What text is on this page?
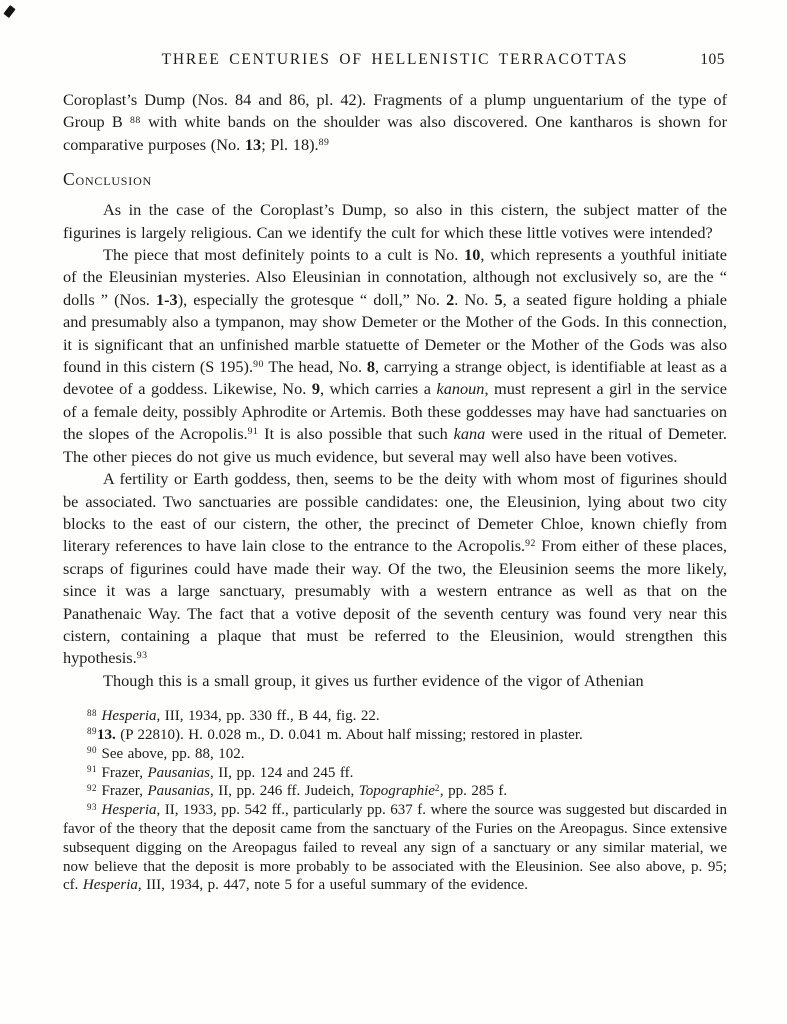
THREE CENTURIES OF HELLENISTIC TERRACOTTAS	105

Coroplast’s Dump (Nos. 84 and 86, pl. 42). Fragments of a plump unguentarium of the type of Group B $^{88}$ with white bands on the shoulder was also discovered. One kantharos is shown for comparative purposes (No. 13; Pl. 18).$^{89}$

Conclusion

As in the case of the Coroplast’s Dump, so also in this cistern, the subject matter of the figurines is largely religious. Can we identify the cult for which these little votives were intended?

The piece that most definitely points to a cult is No. 10, which represents a youthful initiate of the Eleusinian mysteries. Also Eleusinian in connotation, although not exclusively so, are the “ dolls ” (Nos. 1-3), especially the grotesque “ doll,” No. 2. No. 5, a seated figure holding a phiale and presumably also a tympanon, may show Demeter or the Mother of the Gods. In this connection, it is significant that an unfinished marble statuette of Demeter or the Mother of the Gods was also found in this cistern (S 195).$^{90}$ The head, No. 8, carrying a strange object, is identifiable at least as a devotee of a goddess. Likewise, No. 9, which carries a kanoun, must represent a girl in the service of a female deity, possibly Aphrodite or Artemis. Both these goddesses may have had sanctuaries on the slopes of the Acropolis.$^{91}$ It is also possible that such kana were used in the ritual of Demeter. The other pieces do not give us much evidence, but several may well also have been votives.

A fertility or Earth goddess, then, seems to be the deity with whom most of figurines should be associated. Two sanctuaries are possible candidates: one, the Eleusinion, lying about two city blocks to the east of our cistern, the other, the precinct of Demeter Chloe, known chiefly from literary references to have lain close to the entrance to the Acropolis.$^{92}$ From either of these places, scraps of figurines could have made their way. Of the two, the Eleusinion seems the more likely, since it was a large sanctuary, presumably with a western entrance as well as that on the Panathenaic Way. The fact that a votive deposit of the seventh century was found very near this cistern, containing a plaque that must be referred to the Eleusinion, would strengthen this hypothesis.$^{93}$

Though this is a small group, it gives us further evidence of the vigor of Athenian

$^{88}$ Hesperia, III, 1934, pp. 330 ff., B 44, fig. 22.

$^{89}$13. (P 22810). H. 0.028 m., D. 0.041 m. About half missing; restored in plaster.

$^{90}$ See above, pp. 88, 102.

$^{91}$ Frazer, Pausanias, II, pp. 124 and 245 ff.

$^{92}$ Frazer, Pausanias, II, pp. 246 ff. Judeich, Topographie$^2$, pp. 285 f.

$^{93}$ Hesperia, II, 1933, pp. 542 ff., particularly pp. 637 f. where the source was suggested but discarded in favor of the theory that the deposit came from the sanctuary of the Furies on the Areopagus. Since extensive subsequent digging on the Areopagus failed to reveal any sign of a sanctuary or any similar material, we now believe that the deposit is more probably to be associated with the Eleusinion. See also above, p. 95; cf. Hesperia, III, 1934, p. 447, note 5 for a useful summary of the evidence.
